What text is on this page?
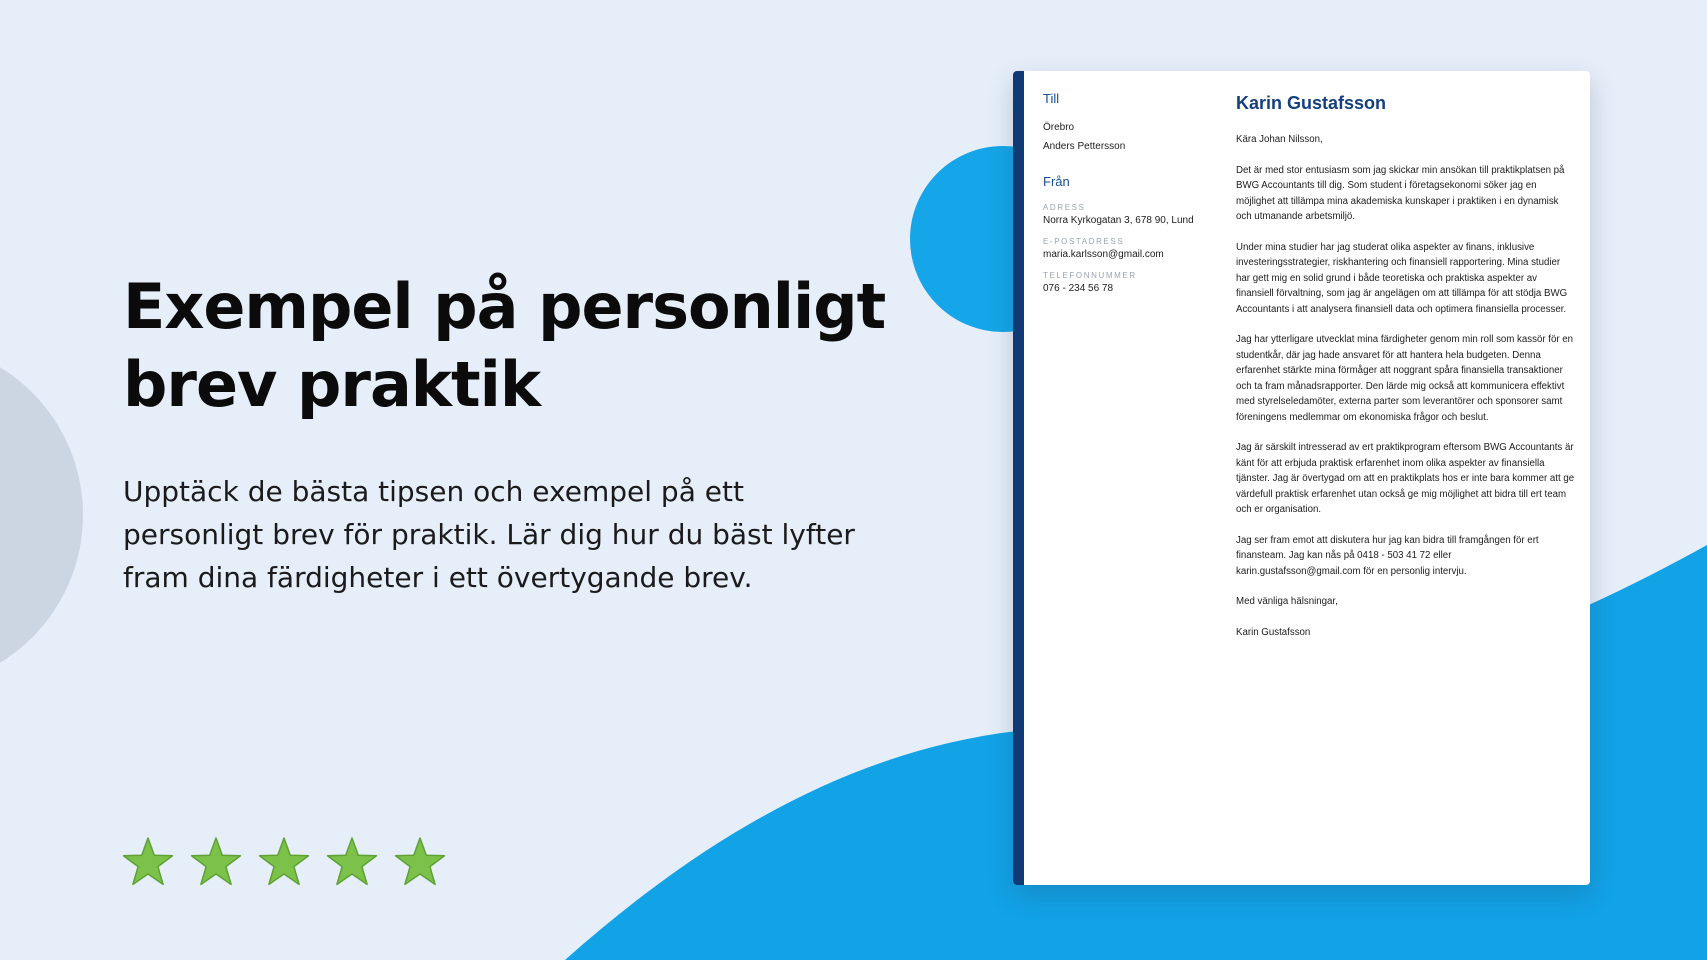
Exempel på personligt brev praktik

Upptäck de bästa tipsen och exempel på ett personligt brev för praktik. Lär dig hur du bäst lyfter fram dina färdigheter i ett övertygande brev.

Till
Örebro
Anders Pettersson
Från
ADRESS
Norra Kyrkogatan 3, 678 90, Lund
E-POSTADRESS
maria.karlsson@gmail.com
TELEFONNUMMER
076 - 234 56 78
Karin Gustafsson

Kära Johan Nilsson,

Det är med stor entusiasm som jag skickar min ansökan till praktikplatsen på BWG Accountants till dig. Som student i företagsekonomi söker jag en möjlighet att tillämpa mina akademiska kunskaper i praktiken i en dynamisk och utmanande arbetsmiljö.

Under mina studier har jag studerat olika aspekter av finans, inklusive investeringsstrategier, riskhantering och finansiell rapportering. Mina studier har gett mig en solid grund i både teoretiska och praktiska aspekter av finansiell förvaltning, som jag är angelägen om att tillämpa för att stödja BWG Accountants i att analysera finansiell data och optimera finansiella processer.

Jag har ytterligare utvecklat mina färdigheter genom min roll som kassör för en studentkår, där jag hade ansvaret för att hantera hela budgeten. Denna erfarenhet stärkte mina förmåger att noggrant spåra finansiella transaktioner och ta fram månadsrapporter. Den lärde mig också att kommunicera effektivt med styrelseledamöter, externa parter som leverantörer och sponsorer samt föreningens medlemmar om ekonomiska frågor och beslut.

Jag är särskilt intresserad av ert praktikprogram eftersom BWG Accountants är känt för att erbjuda praktisk erfarenhet inom olika aspekter av finansiella tjänster. Jag är övertygad om att en praktikplats hos er inte bara kommer att ge värdefull praktisk erfarenhet utan också ge mig möjlighet att bidra till ert team och er organisation.

Jag ser fram emot att diskutera hur jag kan bidra till framgången för ert finansteam. Jag kan nås på 0418 - 503 41 72 eller karin.gustafsson@gmail.com för en personlig intervju.

Med vänliga hälsningar,

Karin Gustafsson
